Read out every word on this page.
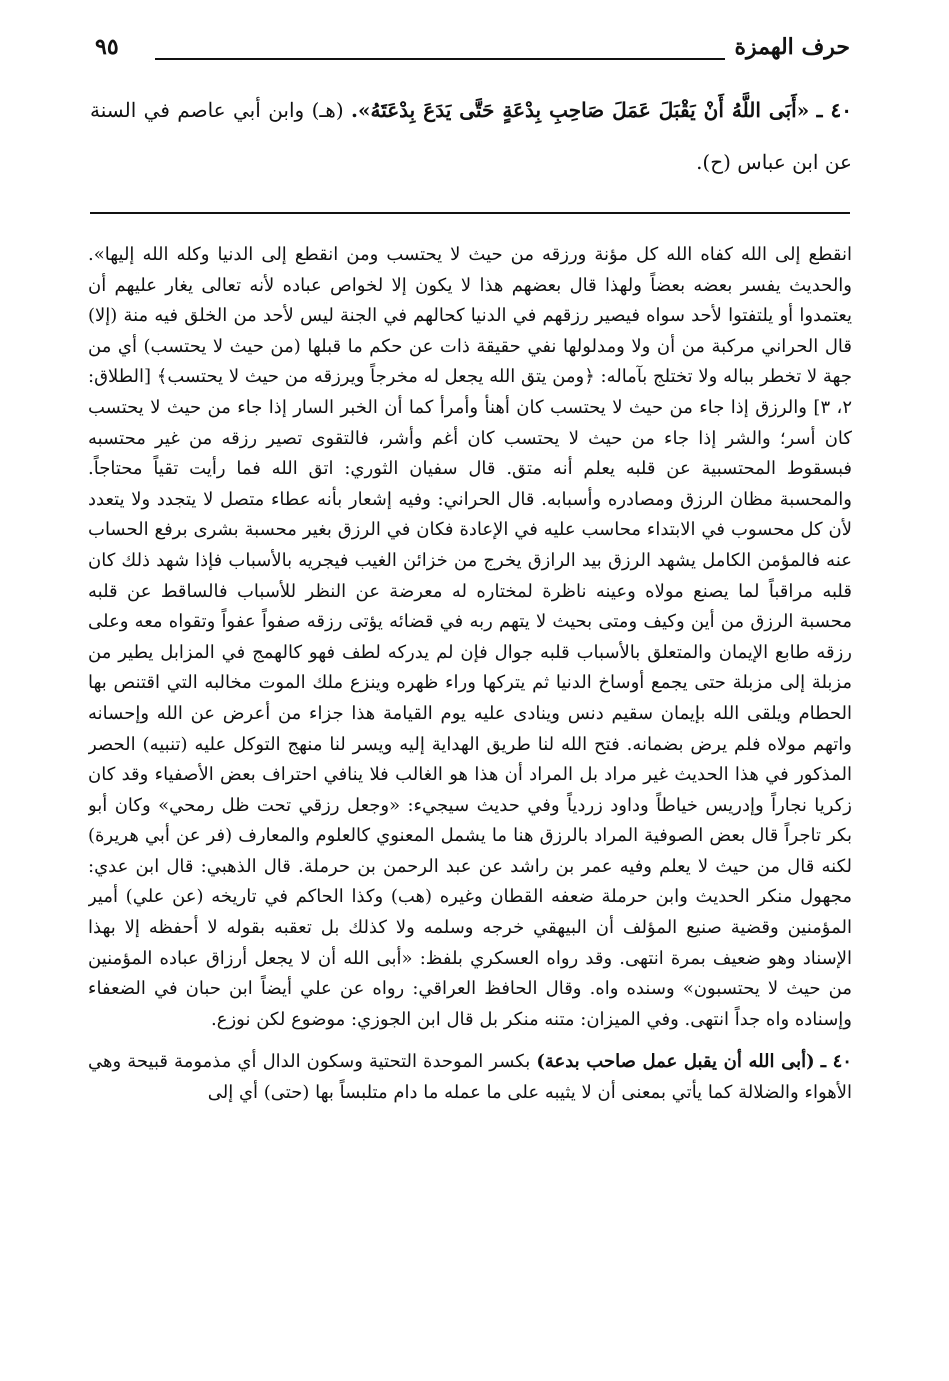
حرف الهمزة
٩٥
٤٠ ـ «أَبَى اللَّهُ أَنْ يَقْبَلَ عَمَلَ صَاحِبِ بِدْعَةٍ حَتَّى يَدَعَ بِدْعَتَهُ». (هـ) وابن أبي عاصم في السنة عن ابن عباس (ح).

انقطع إلى الله كفاه الله كل مؤنة ورزقه من حيث لا يحتسب ومن انقطع إلى الدنيا وكله الله إليها». والحديث يفسر بعضه بعضاً ولهذا قال بعضهم هذا لا يكون إلا لخواص عباده لأنه تعالى يغار عليهم أن يعتمدوا أو يلتفتوا لأحد سواه فيصير رزقهم في الدنيا كحالهم في الجنة ليس لأحد من الخلق فيه منة (إلا) قال الحراني مركبة من أن ولا ومدلولها نفي حقيقة ذات عن حكم ما قبلها (من حيث لا يحتسب) أي من جهة لا تخطر بباله ولا تختلج بآماله: ﴿ومن يتق الله يجعل له مخرجاً ويرزقه من حيث لا يحتسب﴾ [الطلاق: ٢، ٣] والرزق إذا جاء من حيث لا يحتسب كان أهنأ وأمرأ كما أن الخبر السار إذا جاء من حيث لا يحتسب كان أسر؛ والشر إذا جاء من حيث لا يحتسب كان أغم وأشر، فالتقوى تصير رزقه من غير محتسبه فبسقوط المحتسبية عن قلبه يعلم أنه متق. قال سفيان الثوري: اتق الله فما رأيت تقياً محتاجاً. والمحسبة مظان الرزق ومصادره وأسبابه. قال الحراني: وفيه إشعار بأنه عطاء متصل لا يتجدد ولا يتعدد لأن كل محسوب في الابتداء محاسب عليه في الإعادة فكان في الرزق بغير محسبة بشرى برفع الحساب عنه فالمؤمن الكامل يشهد الرزق بيد الرازق يخرج من خزائن الغيب فيجريه بالأسباب فإذا شهد ذلك كان قلبه مراقباً لما يصنع مولاه وعينه ناظرة لمختاره له معرضة عن النظر للأسباب فالساقط عن قلبه محسبة الرزق من أين وكيف ومتى بحيث لا يتهم ربه في قضائه يؤتى رزقه صفواً عفواً وتقواه معه وعلى رزقه طابع الإيمان والمتعلق بالأسباب قلبه جوال فإن لم يدركه لطف فهو كالهمج في المزابل يطير من مزبلة إلى مزبلة حتى يجمع أوساخ الدنيا ثم يتركها وراء ظهره وينزع ملك الموت مخالبه التي اقتنص بها الحطام ويلقى الله بإيمان سقيم دنس وينادى عليه يوم القيامة هذا جزاء من أعرض عن الله وإحسانه واتهم مولاه فلم يرض بضمانه. فتح الله لنا طريق الهداية إليه ويسر لنا منهج التوكل عليه (تنبيه) الحصر المذكور في هذا الحديث غير مراد بل المراد أن هذا هو الغالب فلا ينافي احتراف بعض الأصفياء وقد كان زكريا نجاراً وإدريس خياطاً وداود زردياً وفي حديث سيجيء: «وجعل رزقي تحت ظل رمحي» وكان أبو بكر تاجراً قال بعض الصوفية المراد بالرزق هنا ما يشمل المعنوي كالعلوم والمعارف (فر عن أبي هريرة) لكنه قال من حيث لا يعلم وفيه عمر بن راشد عن عبد الرحمن بن حرملة. قال الذهبي: قال ابن عدي: مجهول منكر الحديث وابن حرملة ضعفه القطان وغيره (هب) وكذا الحاكم في تاريخه (عن علي) أمير المؤمنين وقضية صنيع المؤلف أن البيهقي خرجه وسلمه ولا كذلك بل تعقبه بقوله لا أحفظه إلا بهذا الإسناد وهو ضعيف بمرة انتهى. وقد رواه العسكري بلفظ: «أبى الله أن لا يجعل أرزاق عباده المؤمنين من حيث لا يحتسبون» وسنده واه. وقال الحافظ العراقي: رواه عن علي أيضاً ابن حبان في الضعفاء وإسناده واه جداً انتهى. وفي الميزان: متنه منكر بل قال ابن الجوزي: موضوع لكن نوزع.

٤٠ ـ (أبى الله أن يقبل عمل صاحب بدعة) بكسر الموحدة التحتية وسكون الدال أي مذمومة قبيحة وهي الأهواء والضلالة كما يأتي بمعنى أن لا يثيبه على ما عمله ما دام متلبساً بها (حتى) أي إلى
